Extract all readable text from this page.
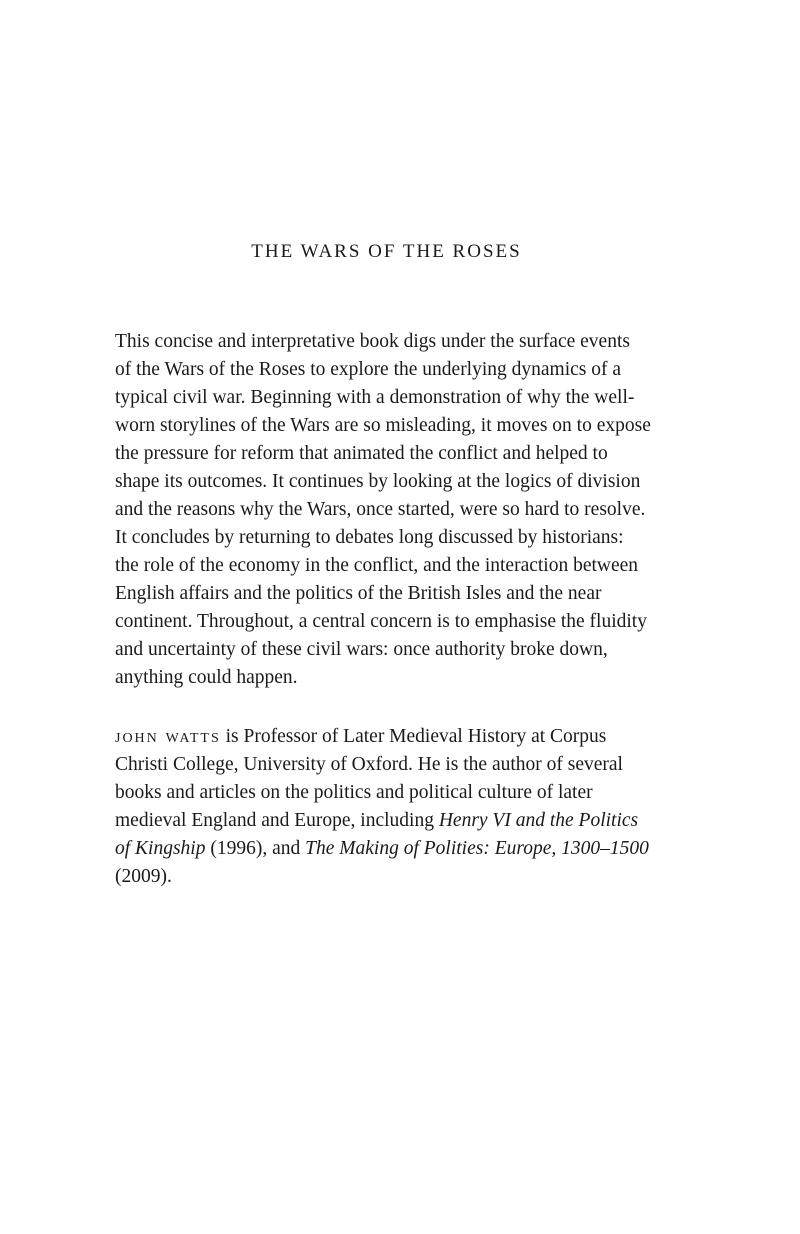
THE WARS OF THE ROSES
This concise and interpretative book digs under the surface events
of the Wars of the Roses to explore the underlying dynamics of a
typical civil war. Beginning with a demonstration of why the well-
worn storylines of the Wars are so misleading, it moves on to expose
the pressure for reform that animated the conflict and helped to
shape its outcomes. It continues by looking at the logics of division
and the reasons why the Wars, once started, were so hard to resolve.
It concludes by returning to debates long discussed by historians:
the role of the economy in the conflict, and the interaction between
English affairs and the politics of the British Isles and the near
continent. Throughout, a central concern is to emphasise the fluidity
and uncertainty of these civil wars: once authority broke down,
anything could happen.
john watts is Professor of Later Medieval History at Corpus
Christi College, University of Oxford. He is the author of several
books and articles on the politics and political culture of later
medieval England and Europe, including Henry VI and the Politics
of Kingship (1996), and The Making of Polities: Europe, 1300–1500
(2009).
